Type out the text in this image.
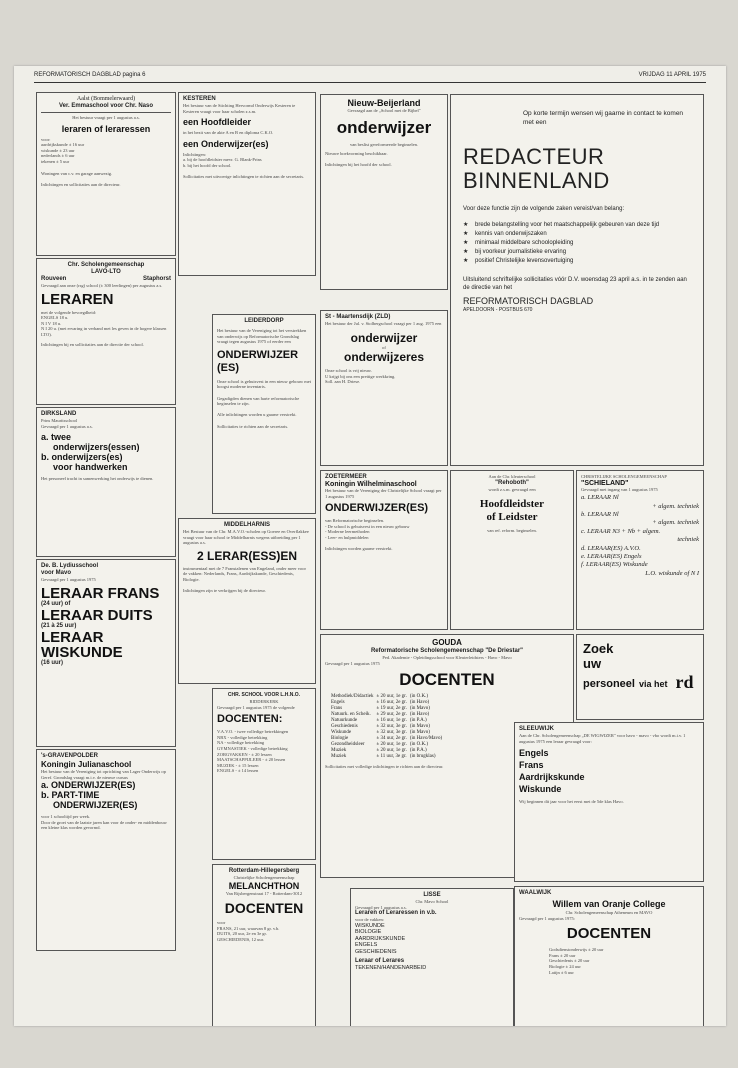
REFORMATORISCH DAGBLAD pagina 6	VRIJDAG 11 APRIL 1975
Aalst (Bommelerwaard)
Ver. Emmaschool voor Chr. Naso
Het bestuur vraagt per 1 augustus a.s.
leraren of leraressen
voor:
aardrijkskunde ± 16 uur
wiskunde ± 23 uur
nederlands ± 6 uur
tekenen ± 5 uur
Woningen van c.v. en garage aanwezig.
Inlichtingen en sollicitaties aan de directeur.
Chr. Scholengemeenschap
LAVO-LTO
Rouveen	Staphorst
Gevraagd aan onze (rsg) school (± 300 leerlingen) per augustus a.s.
LERAREN
met de volgende bevoegdheid:
ENGELS 18 u.
N I V 18 u.
N I 20 u. (met ervaring in verband met les geven in de hogere klassen LTO).
Inlichtingen bij en sollicitaties aan de directie der school.
DIRKSLAND
Prins Mauritsschool
Gevraagd per 1 augustus a.s.
a. twee
onderwijzers(essen)
b. onderwijzers(es)
voor handwerken
Het personeel tracht in samenwerking het onderwijs te dienen.
De. B. Lydiusschool
voor Mavo
Gevraagd per 1 augustus 1975
LERAAR FRANS
(24 uur) of
LERAAR DUITS
(21 à 25 uur)
LERAAR
WISKUNDE
(16 uur)
's-GRAVENPOLDER
Koningin Julianaschool
Het bestuur van de Vereniging tot oprichting van Lager Onderwijs op Geref. Grondslag vraagt m.i.v. de nieuwe cursus
a. ONDERWIJZER(ES)
b. PART-TIME
ONDERWIJZER(ES)
voor 1 schooltijd per week.
Door de groei van de laatste jaren kan voor de onder- en middenbouw een kleine klas worden gevormd.
KESTEREN
Het bestuur van de Stichting Hervormd Onderwijs Kesteren te Kesteren vraagt voor haar scholen z.s.m.
een Hoofdleider
in het bezit van de akte A en B en diploma C.K.O.
een Onderwijzer(es)
Inlichtingen:
a. bij de hoofdleidster mevr. G. Blank-Prins
b. bij het hoofd der school.

Sollicitaties met uitvoerige inlichtingen te richten aan de secretaris.
LEIDERDORP
Het bestuur van de Vereniging tot het verstrekken van onderwijs op Reformatorische Grondslag vraagt tegen augustus 1975 of eerder een
ONDERWIJZER (ES)
Onze school is gehuisvest in een nieuw gebouw met hoogst moderne inventaris.

Gegadigden dienen van harte reformatorische beginselen te zijn.

Alle inlichtingen worden u gaarne verstrekt.

Sollicitaties te richten aan de secretaris.
MIDDELHARNIS
Het Bestuur van de Chr. M.A.V.O.-scholen op Goeree en Overflakkee vraagt voor haar school te Middelharnis wegens uitbreiding per 1 augustus a.s.
2 LERAR(ESS)EN
instrumentaal met de 7 Franstalenen van Engeland, onder meer voor de vakken: Nederlands, Frans, Aardrijkskunde, Geschiedenis, Biologie.

Inlichtingen zijn te verkrijgen bij de directeur.
CHR. SCHOOL VOOR L.H.N.O.
RIDDERKERK
Gevraagd per 1 augustus 1975 de volgende
DOCENTEN:
V.A.V.O. - twee volledige betrekkingen
NBX - volledige betrekking
NA - volledige betrekking
GYMNASTIEK - volledige betrekking
ZORGVAKKEN - ± 20 lessen
MAATSCHAPPIJLEER - ± 20 lessen
MUZIEK - ± 15 lessen
ENGELS - ± 14 lessen
Rotterdam-Hillegersberg
Christelijke Scholengemeenschap
MELANCHTHON
Van Rijsbergenstraat 17 - Rotterdam-3012
DOCENTEN
voor
FRANS, 21 uur, waarvan 8 gr. v.b.
DUITS, 20 uur, 2e en 3e gr.
GESCHIEDENIS, 12 uur.
Nieuw-Beijerland
Gevraagd aan de „School met de Bijbel"
onderwijzer
van beslist gereformeerde beginselen.
Nieuwe boekvorming beschikbaar.

Inlichtingen bij het hoofd der school.
St - Maartensdijk (ZLD)
Het bestuur der Jul. v. Stolbergschool vraagt per 1 aug. 1975 een
onderwijzer
of
onderwijzeres
Onze school is vrij nieuw.
U krijgt bij ons een prettige werkkring.
Soll. aan H. Driese.
ZOETERMEER
Koningin Wilhelminaschool
Het bestuur van de Vereniging der Christelijke School vraagt per 1 augustus 1975
ONDERWIJZER(ES)
van Reformatorische beginselen.
- De school is gehuisvest in een nieuw gebouw
- Moderne leermethoden
- Leer- en hulpmiddelen

Inlichtingen worden gaarne verstrekt.
Aan de Chr. kleuterschool
"Rehoboth"
wordt z.s.m. gevraagd een
Hoofdleidster
of Leidster
van ref. reform. beginselen.
GOUDA
Reformatorische Scholengemeenschap "De Driestar"
Ped. Akademie - Opleidingsschool voor Kleuterleidsters - Havo - Mavo
Gevraagd per 1 augustus 1975
DOCENTEN
Methodiek/Didactiek	± 20 uur, 1e gr.	(in O.K.)
Engels	± 16 uur, 2e gr.	(in Havo)
Frans	± 19 uur, 2e gr.	(in Mavo)
Natuurk. en Scheik.	± 29 uur, 2e gr.	(in Havo)
Natuurkunde	± 16 uur, 1e gr.	(in P.A.)
Geschiedenis	± 32 uur, 3e gr.	(in Mavo)
Wiskunde	± 32 uur, 3e gr.	(in Mavo)
Biologie	± 34 uur, 2e gr.	(in Havo/Mavo)
Gezondheidsleer	± 20 uur, 1e gr.	(in O.K.)
Muziek	± 20 uur, 1e gr.	(in P.A.)
Muziek	± 11 uur, 3e gr.	(in brugklas)
Sollicitaties met volledige inlichtingen te richten aan de directeur.
LISSE
Chr. Mavo School
Gevraagd per 1 augustus a.s.
Leraren of Leraressen in v.b.
voor de vakken:
WISKUNDE
BIOLOGIE
AARDRIJKSKUNDE
ENGELS
GESCHIEDENIS
Leraar of Lerares
TEKENEN/HANDENARBEID
Op korte termijn wensen wij gaarne in contact te komen met een
REDACTEUR
BINNENLAND
Voor deze functie zijn de volgende zaken vereist/van belang:
★ brede belangstelling voor het maatschappelijk gebeuren van deze tijd
★ kennis van onderwijszaken
★ minimaal middelbare schoolopleiding
★ bij voorkeur journalistieke ervaring
★ positief Christelijke levensovertuiging
Uitsluitend schriftelijke sollicitaties vóór D.V. woensdag 23 april a.s. in te zenden aan de directie van het
REFORMATORISCH DAGBLAD
APELDOORN - POSTBUS 670
CHRISTELIJKE SCHOLENGEMEENSCHAP
"SCHIELAND"
Gevraagd met ingang van 1 augustus 1975
a. LERAAR Nl
+ algem. techniek
b. LERAAR Nl
+ algem. techniek
c. LERAAR N3 + Nb + algem.
techniek
d. LERAAR(ES) A.V.O.
e. LERAAR(ES) Engels
f. LERAAR(ES) Wiskunde
L.O. wiskunde of N I
Zoek
uw
personeel via het rd
SLEEUWIJK
Aan de Chr. Scholengemeenschap „DE WIGWIZER" voor havo - mavo - vbo wordt m.i.v. 1 augustus 1975 een leraar gevraagd voor:
Engels
Frans
Aardrijkskunde
Wiskunde
Wij beginnen dit jaar voor het eerst met de 5de klas Havo.
WAALWIJK
Willem van Oranje College
Chr. Scholengemeenschap Atheneum en MAVO
Gevraagd per 1 augustus 1975:
DOCENTEN
Godsdienstonderwijs ± 20 uur
Frans ± 20 uur
Geschiedenis ± 20 uur
Biologie ± 24 uur
Latijn ± 6 uur
